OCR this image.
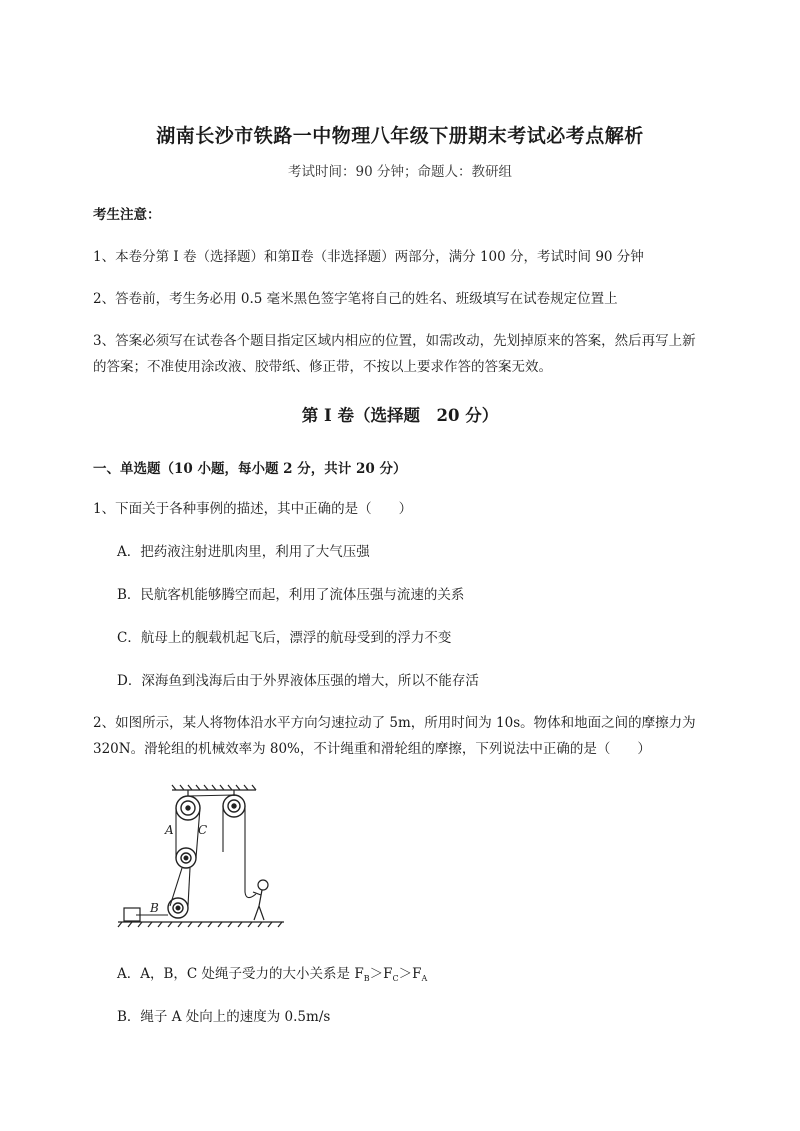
湖南长沙市铁路一中物理八年级下册期末考试必考点解析
考试时间：90 分钟；命题人：教研组
考生注意：
1、本卷分第 I 卷（选择题）和第Ⅱ卷（非选择题）两部分，满分 100 分，考试时间 90 分钟
2、答卷前，考生务必用 0.5 毫米黑色签字笔将自己的姓名、班级填写在试卷规定位置上
3、答案必须写在试卷各个题目指定区域内相应的位置，如需改动，先划掉原来的答案，然后再写上新
的答案；不准使用涂改液、胶带纸、修正带，不按以上要求作答的答案无效。
第 I 卷（选择题　20 分）
一、单选题（10 小题，每小题 2 分，共计 20 分）
1、下面关于各种事例的描述，其中正确的是（　　）
A．把药液注射进肌肉里，利用了大气压强
B．民航客机能够腾空而起，利用了流体压强与流速的关系
C．航母上的舰载机起飞后，漂浮的航母受到的浮力不变
D．深海鱼到浅海后由于外界液体压强的增大，所以不能存活
2、如图所示，某人将物体沿水平方向匀速拉动了 5m，所用时间为 10s。物体和地面之间的摩擦力为
320N。滑轮组的机械效率为 80%，不计绳重和滑轮组的摩擦，下列说法中正确的是（　　）
A C
B
A．A，B，C 处绳子受力的大小关系是 $F_B>F_C>F_A$
B．绳子 A 处向上的速度为 0.5m/s
